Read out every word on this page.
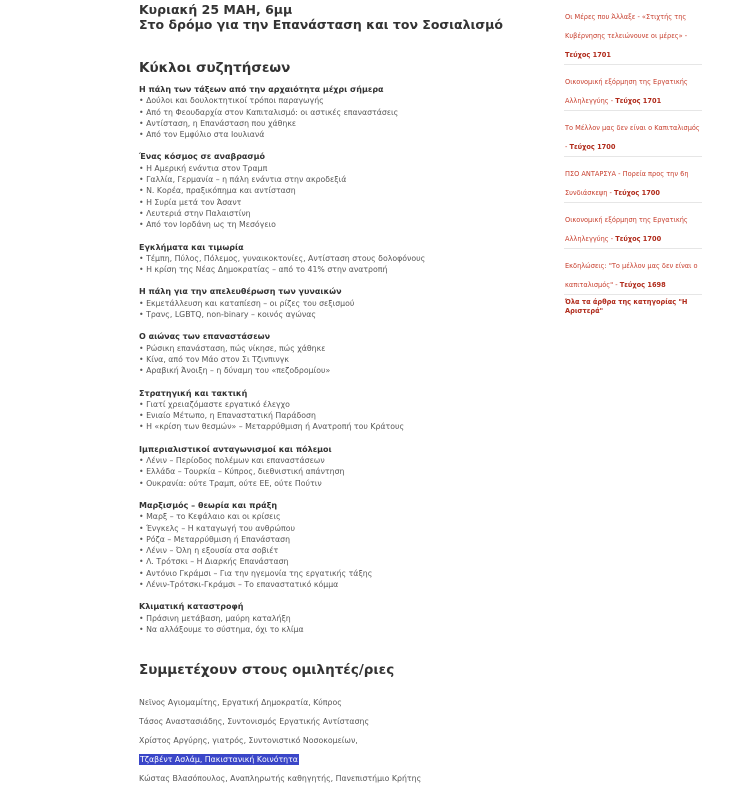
Κυριακή 25 ΜΑΗ, 6μμ
Στο δρόμο για την Επανάσταση και τον Σοσιαλισμό
Κύκλοι συζητήσεων
Η πάλη των τάξεων από την αρχαιότητα μέχρι σήμερα
• Δούλοι και δουλοκτητικοί τρόποι παραγωγής
• Από τη Φεουδαρχία στον Καπιταλισμό: οι αστικές επαναστάσεις
• Αντίσταση, η Επανάσταση που χάθηκε
• Από τον Εμφύλιο στα Ιουλιανά
Ένας κόσμος σε αναβρασμό
• Η Αμερική ενάντια στον Τραμπ
• Γαλλία, Γερμανία – η πάλη ενάντια στην ακροδεξιά
• Ν. Κορέα, πραξικόπημα και αντίσταση
• Η Συρία μετά τον Άσαντ
• Λευτεριά στην Παλαιστίνη
• Από τον Ιορδάνη ως τη Μεσόγειο
Εγκλήματα και τιμωρία
• Τέμπη, Πύλος, Πόλεμος, γυναικοκτονίες, Αντίσταση στους δολοφόνους
• Η κρίση της Νέας Δημοκρατίας – από το 41% στην ανατροπή
Η πάλη για την απελευθέρωση των γυναικών
• Εκμετάλλευση και καταπίεση – οι ρίζες του σεξισμού
• Τρανς, LGBTQ, non-binary – κοινός αγώνας
Ο αιώνας των επαναστάσεων
• Ρώσικη επανάσταση, πώς νίκησε, πώς χάθηκε
• Κίνα, από τον Μάο στον Σι Τζινπινγκ
• Αραβική Άνοιξη – η δύναμη του «πεζοδρομίου»
Στρατηγική και τακτική
• Γιατί χρειαζόμαστε εργατικό έλεγχο
• Ενιαίο Μέτωπο, η Επαναστατική Παράδοση
• Η «κρίση των θεσμών» – Μεταρρύθμιση ή Ανατροπή του Κράτους
Ιμπεριαλιστικοί ανταγωνισμοί και πόλεμοι
• Λένιν – Περίοδος πολέμων και επαναστάσεων
• Ελλάδα – Τουρκία – Κύπρος, διεθνιστική απάντηση
• Ουκρανία: ούτε Τραμπ, ούτε ΕΕ, ούτε Πούτιν
Μαρξισμός – θεωρία και πράξη
• Μαρξ – το Κεφάλαιο και οι κρίσεις
• Ένγκελς – Η καταγωγή του ανθρώπου
• Ρόζα – Μεταρρύθμιση ή Επανάσταση
• Λένιν – Όλη η εξουσία στα σοβιέτ
• Λ. Τρότσκι – Η Διαρκής Επανάσταση
• Αντόνιο Γκράμσι – Για την ηγεμονία της εργατικής τάξης
• Λένιν-Τρότσκι-Γκράμσι – Το επαναστατικό κόμμα
Κλιματική καταστροφή
• Πράσινη μετάβαση, μαύρη καταλήξη
• Να αλλάξουμε το σύστημα, όχι το κλίμα
Συμμετέχουν στους ομιλητές/ριες
Νεϊνος Αγιομαμίτης, Εργατική Δημοκρατία, Κύπρος
Τάσος Αναστασιάδης, Συντονισμός Εργατικής Αντίστασης
Χρίστος Αργύρης, γιατρός, Συντονιστικό Νοσοκομείων,
Τζαβέντ Ασλάμ, Πακιστανική Κοινότητα
Κώστας Βλασόπουλος, Αναπληρωτής καθηγητής, Πανεπιστήμιο Κρήτης
Οι Μέρες που Άλλαξε - «Στιχτής της Κυβέρνησης τελειώνουνε οι μέρες» - Τεύχος 1701
Οικονομική εξόρμηση της Εργατικής Αλληλεγγύης - Τεύχος 1701
Το Μέλλον μας δεν είναι ο Καπιταλισμός - Τεύχος 1700
ΠΣΟ ΑΝΤΑΡΣΥΑ - Πορεία προς την 6η Συνδιάσκεψη - Τεύχος 1700
Οικονομική εξόρμηση της Εργατικής Αλληλεγγύης - Τεύχος 1700
Εκδηλώσεις: "Το μέλλον μας δεν είναι ο καπιταλισμός" - Τεύχος 1698
Όλα τα άρθρα της κατηγορίας "Η Αριστερά"
